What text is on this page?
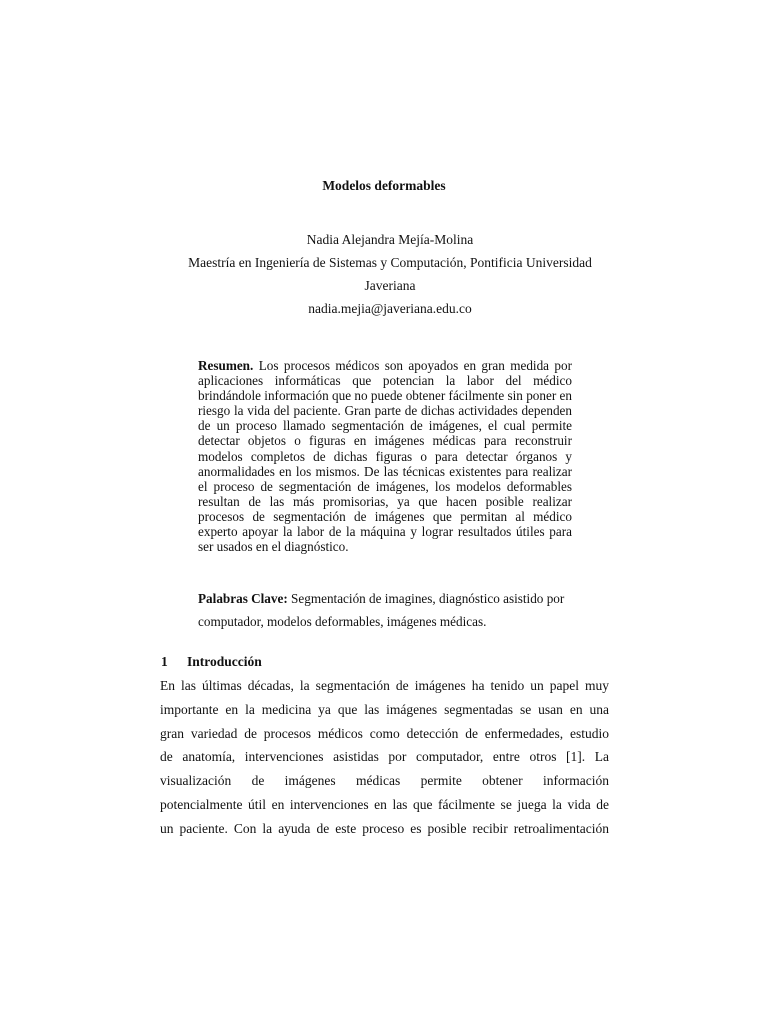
Modelos deformables
Nadia Alejandra Mejía-Molina
Maestría en Ingeniería de Sistemas y Computación, Pontificia Universidad
Javeriana
nadia.mejia@javeriana.edu.co
Resumen. Los procesos médicos son apoyados en gran medida por aplicaciones informáticas que potencian la labor del médico brindándole información que no puede obtener fácilmente sin poner en riesgo la vida del paciente. Gran parte de dichas actividades dependen de un proceso llamado segmentación de imágenes, el cual permite detectar objetos o figuras en imágenes médicas para reconstruir modelos completos de dichas figuras o para detectar órganos y anormalidades en los mismos. De las técnicas existentes para realizar el proceso de segmentación de imágenes, los modelos deformables resultan de las más promisorias, ya que hacen posible realizar procesos de segmentación de imágenes que permitan al médico experto apoyar la labor de la máquina y lograr resultados útiles para ser usados en el diagnóstico.
Palabras Clave: Segmentación de imagines, diagnóstico asistido por computador, modelos deformables, imágenes médicas.
1 Introducción
En las últimas décadas, la segmentación de imágenes ha tenido un papel muy
importante en la medicina ya que las imágenes segmentadas se usan en una
gran variedad de procesos médicos como detección de enfermedades, estudio
de anatomía, intervenciones asistidas por computador, entre otros [1]. La
visualización de imágenes médicas permite obtener información
potencialmente útil en intervenciones en las que fácilmente se juega la vida de
un paciente. Con la ayuda de este proceso es posible recibir retroalimentación
